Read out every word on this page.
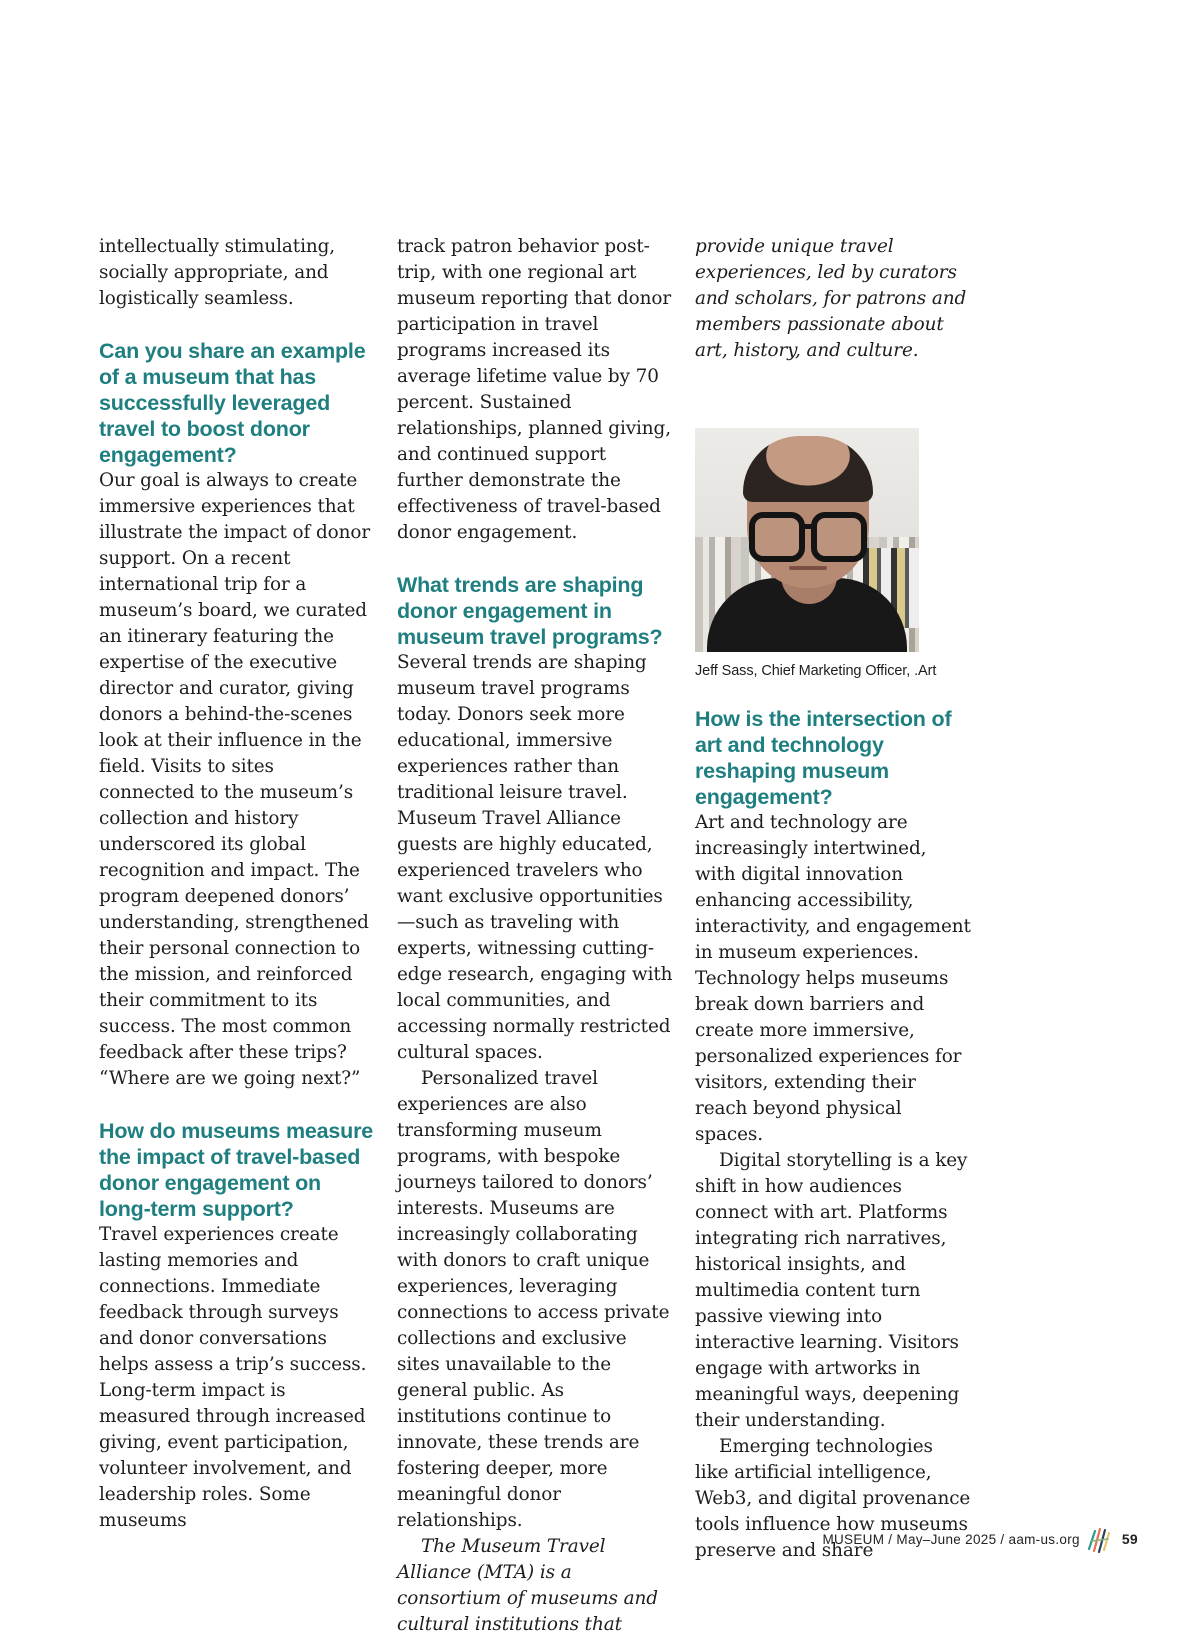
intellectually stimulating, socially appropriate, and logistically seamless.

Can you share an example of a museum that has successfully leveraged travel to boost donor engagement?

Our goal is always to create immersive experiences that illustrate the impact of donor support. On a recent international trip for a museum’s board, we curated an itinerary featuring the expertise of the executive director and curator, giving donors a behind-the-scenes look at their influence in the field. Visits to sites connected to the museum’s collection and history underscored its global recognition and impact. The program deepened donors’ understanding, strengthened their personal connection to the mission, and reinforced their commitment to its success. The most common feedback after these trips? “Where are we going next?”

How do museums measure the impact of travel-based donor engagement on long-term support?

Travel experiences create lasting memories and connections. Immediate feedback through surveys and donor conversations helps assess a trip’s success. Long-term impact is measured through increased giving, event participation, volunteer involvement, and leadership roles. Some museums

track patron behavior post-trip, with one regional art museum reporting that donor participation in travel programs increased its average lifetime value by 70 percent. Sustained relationships, planned giving, and continued support further demonstrate the effectiveness of travel-based donor engagement.

What trends are shaping donor engagement in museum travel programs?

Several trends are shaping museum travel programs today. Donors seek more educational, immersive experiences rather than traditional leisure travel. Museum Travel Alliance guests are highly educated, experienced travelers who want exclusive opportunities—such as traveling with experts, witnessing cutting-edge research, engaging with local communities, and accessing normally restricted cultural spaces.

Personalized travel experiences are also transforming museum programs, with bespoke journeys tailored to donors’ interests. Museums are increasingly collaborating with donors to craft unique experiences, leveraging connections to access private collections and exclusive sites unavailable to the general public. As institutions continue to innovate, these trends are fostering deeper, more meaningful donor relationships.

The Museum Travel Alliance (MTA) is a consortium of museums and cultural institutions that

provide unique travel experiences, led by curators and scholars, for patrons and members passionate about art, history, and culture.

Jeff Sass, Chief Marketing Officer, .Art
How is the intersection of art and technology reshaping museum engagement?

Art and technology are increasingly intertwined, with digital innovation enhancing accessibility, interactivity, and engagement in museum experiences. Technology helps museums break down barriers and create more immersive, personalized experiences for visitors, extending their reach beyond physical spaces.

Digital storytelling is a key shift in how audiences connect with art. Platforms integrating rich narratives, historical insights, and multimedia content turn passive viewing into interactive learning. Visitors engage with artworks in meaningful ways, deepening their understanding.

Emerging technologies like artificial intelligence, Web3, and digital provenance tools influence how museums preserve and share

MUSEUM / May–June 2025 / aam-us.org	59
